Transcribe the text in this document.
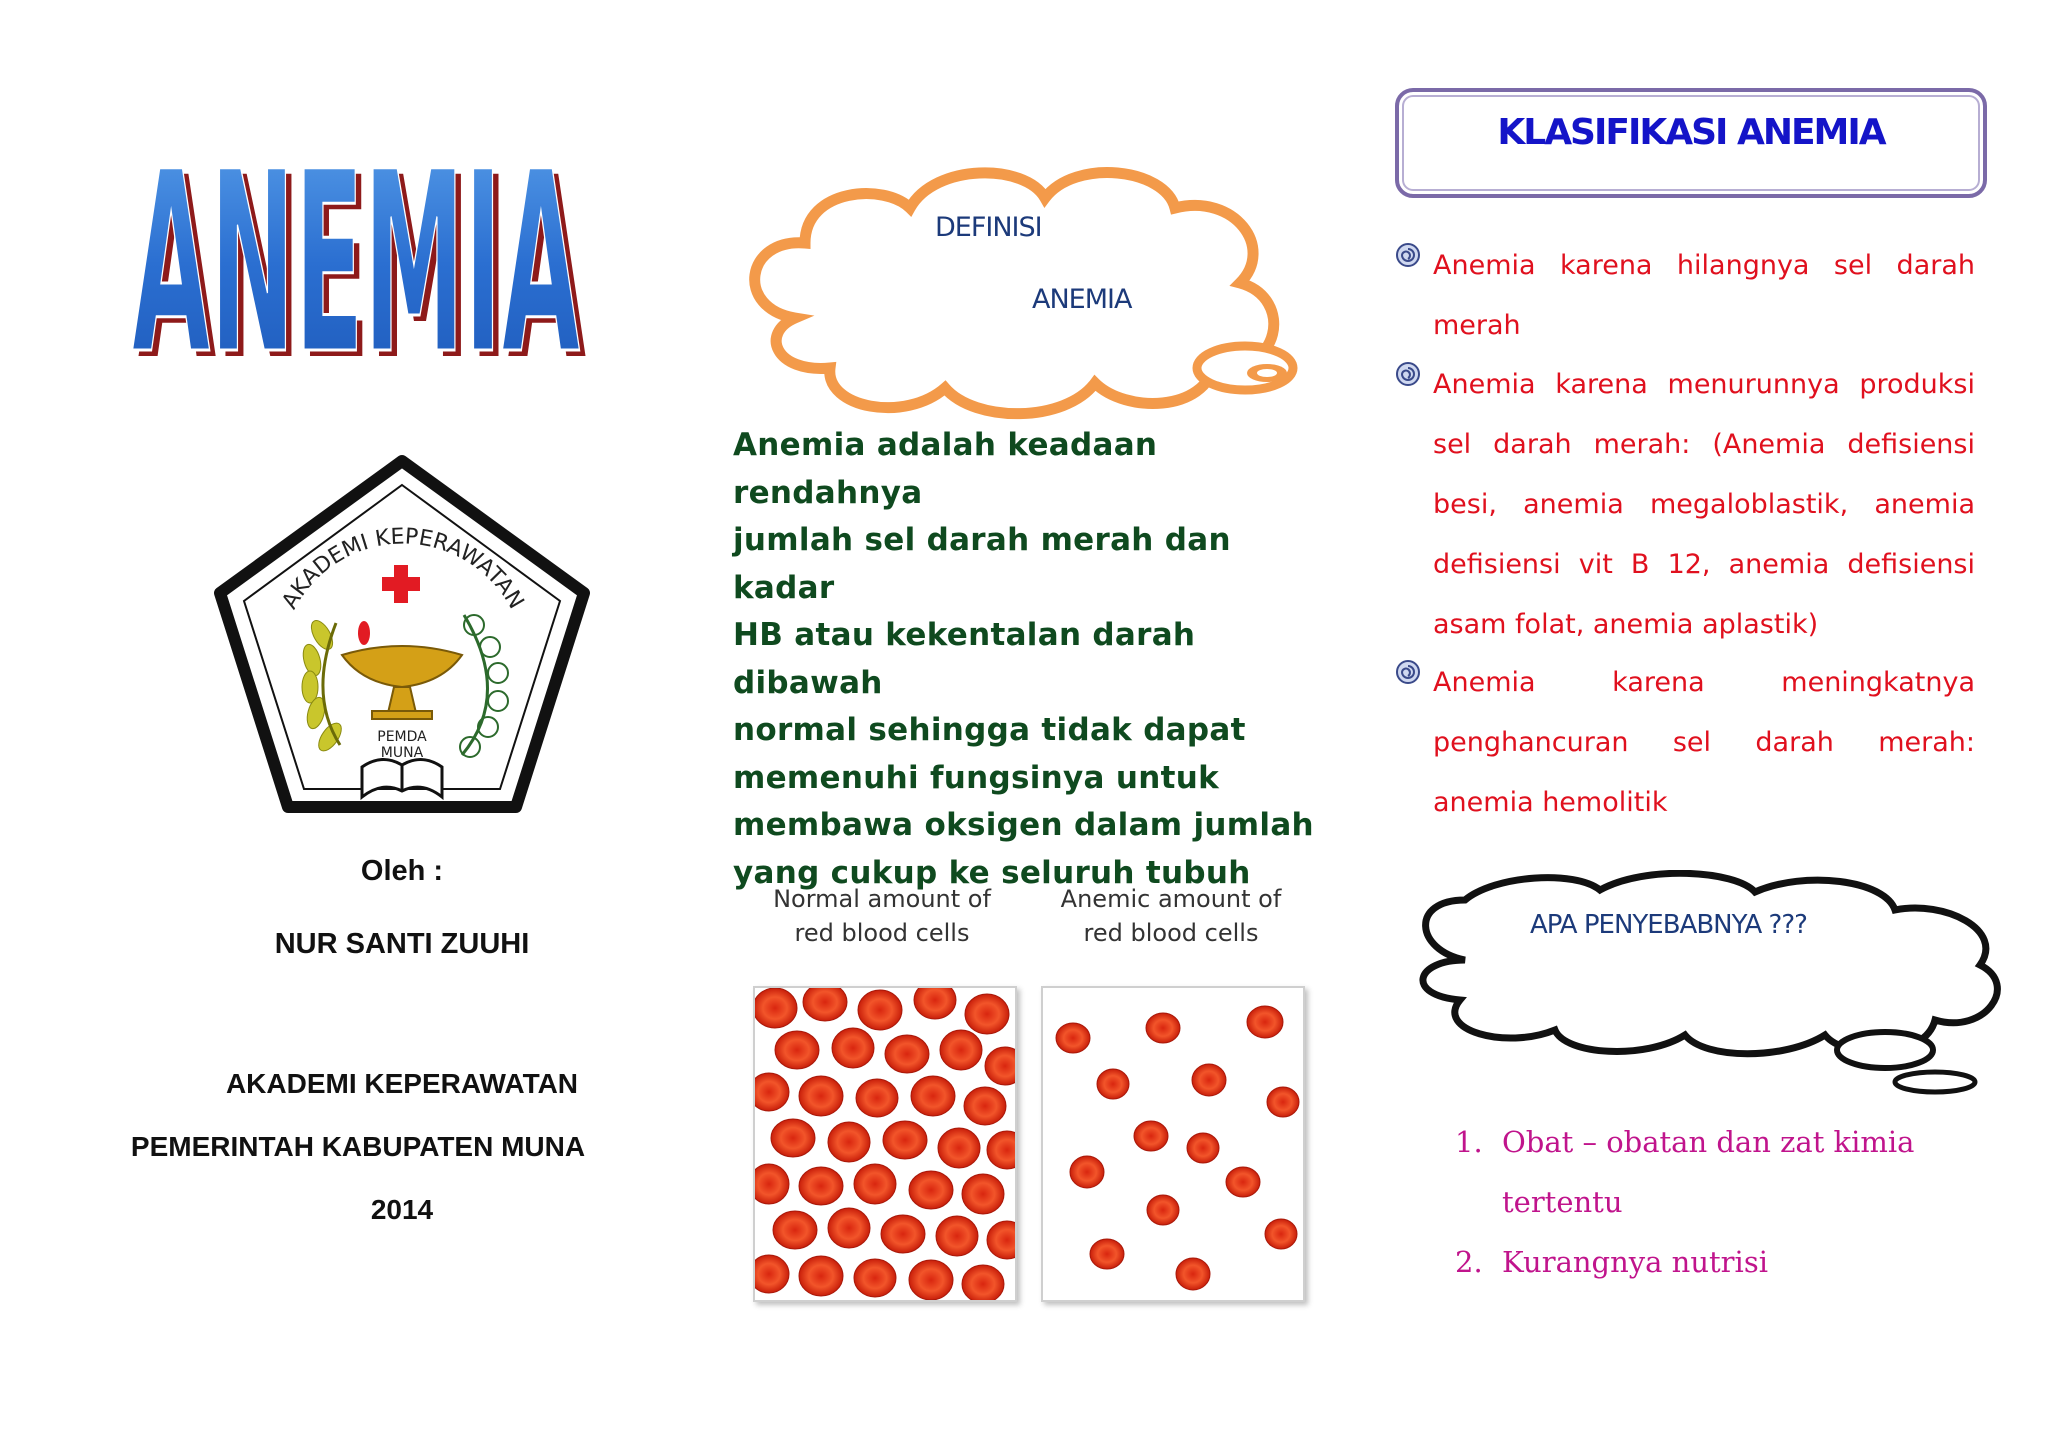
ANEMIA
ANEMIA
AKADEMI KEPERAWATAN
PEMDA
MUNA
Oleh :
NUR SANTI ZUUHI
AKADEMI KEPERAWATAN
PEMERINTAH KABUPATEN MUNA
2014
DEFINISI
ANEMIA
Anemia adalah keadaan rendahnya
jumlah sel darah merah dan kadar
HB atau kekentalan darah dibawah
normal sehingga tidak dapat
memenuhi fungsinya untuk
membawa oksigen dalam jumlah
yang cukup ke seluruh tubuh
Normal amount of
red blood cells
Anemic amount of
red blood cells
KLASIFIKASI ANEMIA
Anemia karena hilangnya sel darah merah
Anemia karena menurunnya produksi sel darah merah: (Anemia defisiensi besi, anemia megaloblastik, anemia defisiensi vit B 12, anemia defisiensi asam folat, anemia aplastik)
Anemia karena meningkatnya penghancuran sel darah merah: anemia hemolitik
APA PENYEBABNYA ???
1. Obat – obatan dan zat kimia tertentu
2. Kurangnya nutrisi
